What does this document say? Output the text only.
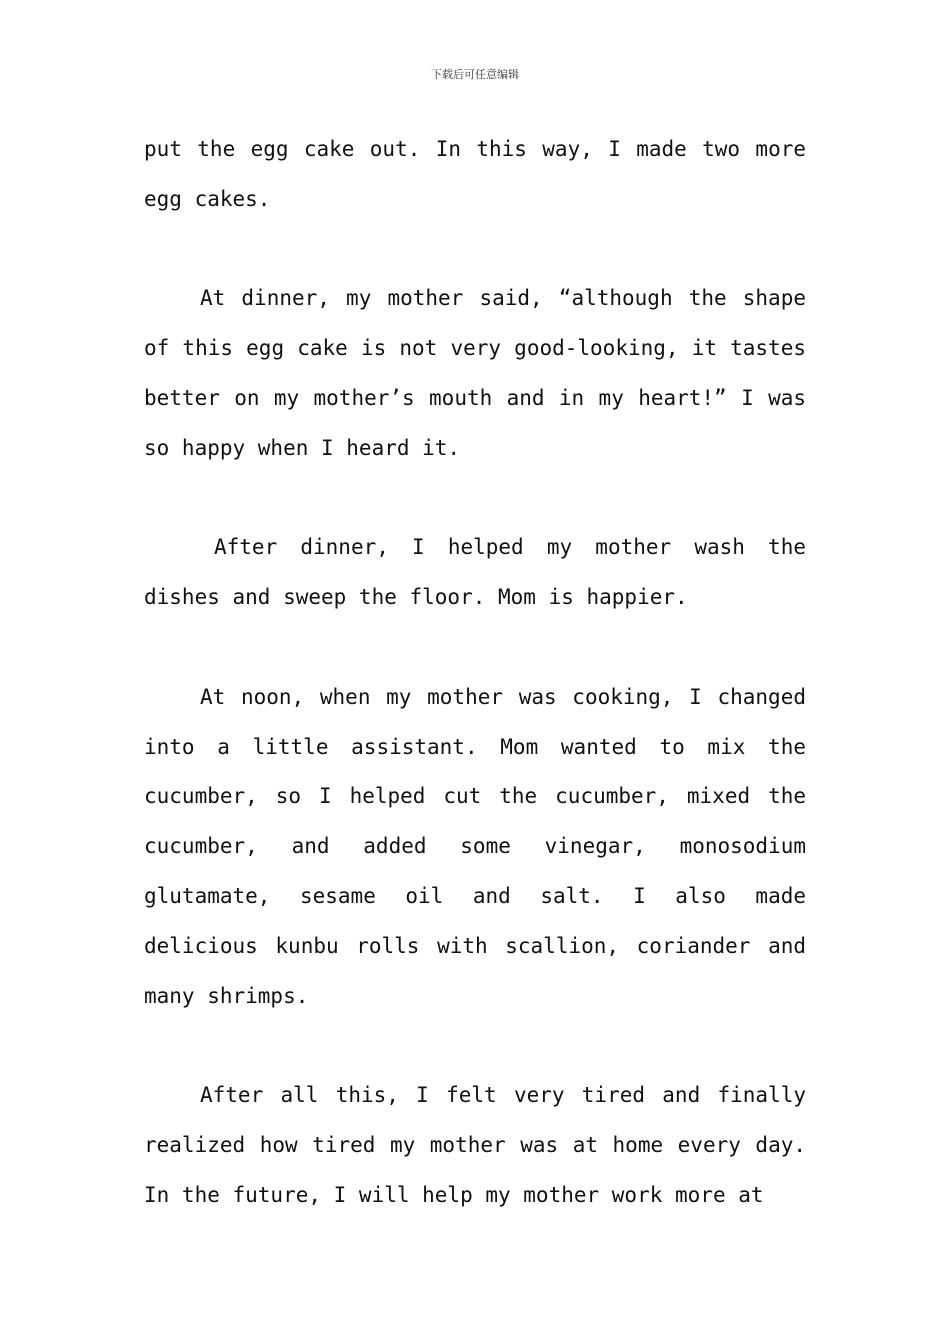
下载后可任意编辑

put the egg cake out. In this way, I made two more egg cakes.

At dinner, my mother said, “although the shape of this egg cake is not very good-looking, it tastes better on my mother’s mouth and in my heart!” I was so happy when I heard it.

After dinner, I helped my mother wash the dishes and sweep the floor. Mom is happier.

At noon, when my mother was cooking, I changed into a little assistant. Mom wanted to mix the cucumber, so I helped cut the cucumber, mixed the cucumber, and added some vinegar, monosodium glutamate, sesame oil and salt. I also made delicious kunbu rolls with scallion, coriander and many shrimps.

After all this, I felt very tired and finally realized how tired my mother was at home every day. In the future, I will help my mother work more at
